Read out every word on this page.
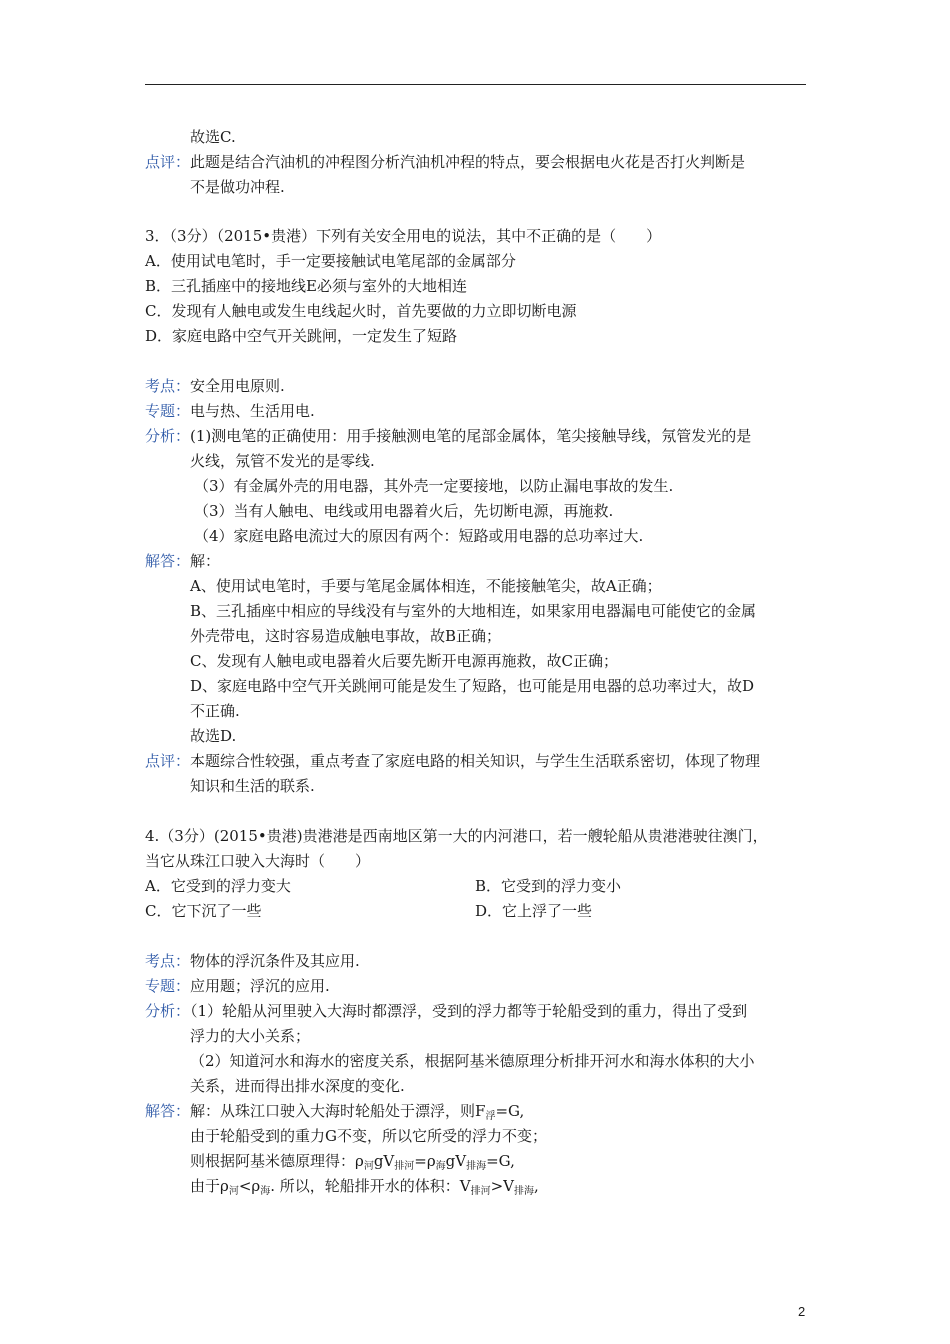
故选C.
点评：此题是结合汽油机的冲程图分析汽油机冲程的特点，要会根据电火花是否打火判断是
不是做功冲程.
3．（3分）（2015•贵港）下列有关安全用电的说法，其中不正确的是（　　）
A．使用试电笔时，手一定要接触试电笔尾部的金属部分
B．三孔插座中的接地线E必须与室外的大地相连
C．发现有人触电或发生电线起火时，首先要做的力立即切断电源
D．家庭电路中空气开关跳闸，一定发生了短路
考点：安全用电原则.
专题：电与热、生活用电.
分析：(1)测电笔的正确使用：用手接触测电笔的尾部金属体，笔尖接触导线，氖管发光的是
火线，氖管不发光的是零线.
（3）有金属外壳的用电器，其外壳一定要接地，以防止漏电事故的发生.
（3）当有人触电、电线或用电器着火后，先切断电源，再施救.
（4）家庭电路电流过大的原因有两个：短路或用电器的总功率过大.
解答：解：
A、使用试电笔时，手要与笔尾金属体相连，不能接触笔尖，故A正确；
B、三孔插座中相应的导线没有与室外的大地相连，如果家用电器漏电可能使它的金属
外壳带电，这时容易造成触电事故，故B正确；
C、发现有人触电或电器着火后要先断开电源再施救，故C正确；
D、家庭电路中空气开关跳闸可能是发生了短路，也可能是用电器的总功率过大，故D
不正确.
故选D.
点评：本题综合性较强，重点考查了家庭电路的相关知识，与学生生活联系密切，体现了物理
知识和生活的联系.
4.（3分）(2015•贵港)贵港港是西南地区第一大的内河港口，若一艘轮船从贵港港驶往澳门，
当它从珠江口驶入大海时（　　）
A．它受到的浮力变大	B．它受到的浮力变小
C．它下沉了一些	D．它上浮了一些
考点：物体的浮沉条件及其应用.
专题：应用题；浮沉的应用.
分析：（1）轮船从河里驶入大海时都漂浮，受到的浮力都等于轮船受到的重力，得出了受到
浮力的大小关系；
（2）知道河水和海水的密度关系，根据阿基米德原理分析排开河水和海水体积的大小
关系，进而得出排水深度的变化.
解答：解：从珠江口驶入大海时轮船处于漂浮，则$F_浮=G$,
由于轮船受到的重力G不变，所以它所受的浮力不变；
则根据阿基米德原理得：$\rho_河gV_{排河}=\rho_海gV_{排海}=G$,
由于$\rho_河<\rho_海$. 所以，轮船排开水的体积：$V_{排河}>V_{排海}$,
2
